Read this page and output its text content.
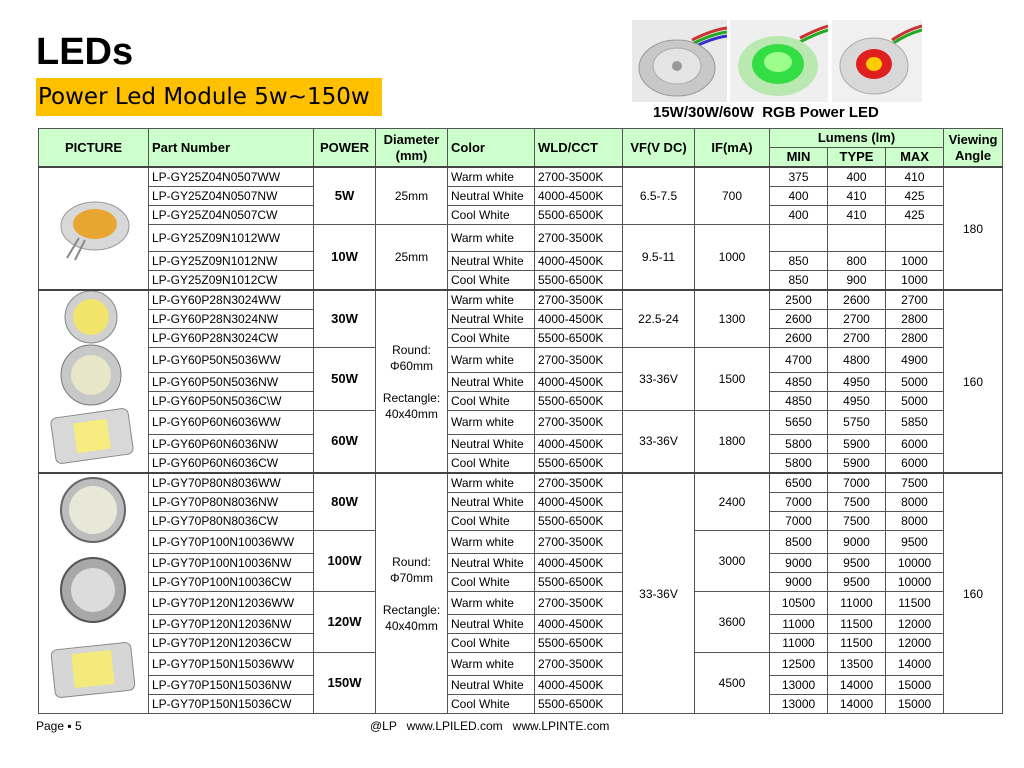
LEDs
Power Led Module 5w~150w
15W/30W/60W  RGB Power LED
PICTURE	Part Number	POWER	Diameter (mm)	Color	WLD/CCT	VF(V DC)	IF(mA)	Lumens (lm)			Viewing Angle
								MIN	TYPE	MAX	
	LP-GY25Z04N0507WW	5W	25mm	Warm white	2700-3500K	6.5-7.5	700	375	400	410	180
	LP-GY25Z04N0507NW			Neutral White	4000-4500K			400	410	425	
	LP-GY25Z04N0507CW			Cool White	5500-6500K			400	410	425	
	LP-GY25Z09N1012WW	10W	25mm	Warm white	2700-3500K	9.5-11	1000				
	LP-GY25Z09N1012NW			Neutral White	4000-4500K			850	800	1000	
	LP-GY25Z09N1012CW			Cool White	5500-6500K			850	900	1000	
	LP-GY60P28N3024WW	30W	Round:
Φ60mm

Rectangle:
40x40mm	Warm white	2700-3500K	22.5-24	1300	2500	2600	2700	160
	LP-GY60P28N3024NW			Neutral White	4000-4500K			2600	2700	2800	
	LP-GY60P28N3024CW			Cool White	5500-6500K			2600	2700	2800	
	LP-GY60P50N5036WW	50W		Warm white	2700-3500K	33-36V	1500	4700	4800	4900	
	LP-GY60P50N5036NW			Neutral White	4000-4500K			4850	4950	5000	
	LP-GY60P50N5036C\W			Cool White	5500-6500K			4850	4950	5000	
	LP-GY60P60N6036WW	60W		Warm white	2700-3500K	33-36V	1800	5650	5750	5850	
	LP-GY60P60N6036NW			Neutral White	4000-4500K			5800	5900	6000	
	LP-GY60P60N6036CW			Cool White	5500-6500K			5800	5900	6000	
	LP-GY70P80N8036WW	80W	Round:
Φ70mm

Rectangle:
40x40mm	Warm white	2700-3500K	33-36V	2400	6500	7000	7500	160
	LP-GY70P80N8036NW			Neutral White	4000-4500K			7000	7500	8000	
	LP-GY70P80N8036CW			Cool White	5500-6500K			7000	7500	8000	
	LP-GY70P100N10036WW	100W		Warm white	2700-3500K		3000	8500	9000	9500	
	LP-GY70P100N10036NW			Neutral White	4000-4500K			9000	9500	10000	
	LP-GY70P100N10036CW			Cool White	5500-6500K			9000	9500	10000	
	LP-GY70P120N12036WW	120W		Warm white	2700-3500K		3600	10500	11000	11500	
	LP-GY70P120N12036NW			Neutral White	4000-4500K			11000	11500	12000	
	LP-GY70P120N12036CW			Cool White	5500-6500K			11000	11500	12000	
	LP-GY70P150N15036WW	150W		Warm white	2700-3500K		4500	12500	13500	14000	
	LP-GY70P150N15036NW			Neutral White	4000-4500K			13000	14000	15000	
	LP-GY70P150N15036CW			Cool White	5500-6500K			13000	14000	15000	
Page ▪ 5	@LP   www.LPILED.com   www.LPINTE.com
